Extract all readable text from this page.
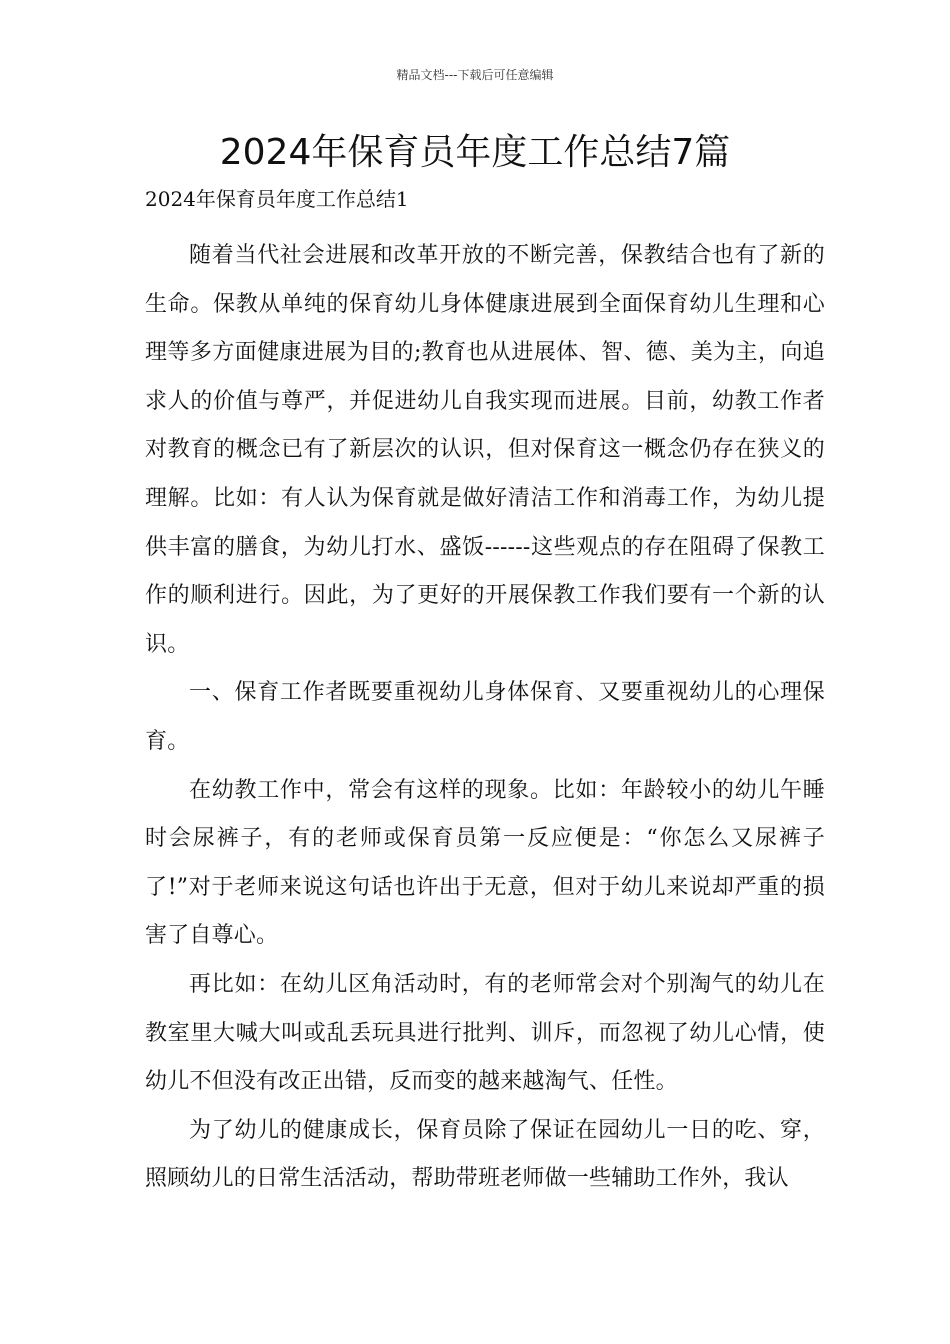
精品文档---下载后可任意编辑
2024年保育员年度工作总结7篇
2024年保育员年度工作总结1

随着当代社会进展和改革开放的不断完善，保教结合也有了新的生命。保教从单纯的保育幼儿身体健康进展到全面保育幼儿生理和心理等多方面健康进展为目的;教育也从进展体、智、德、美为主，向追求人的价值与尊严，并促进幼儿自我实现而进展。目前，幼教工作者对教育的概念已有了新层次的认识，但对保育这一概念仍存在狭义的理解。比如：有人认为保育就是做好清洁工作和消毒工作，为幼儿提供丰富的膳食，为幼儿打水、盛饭------这些观点的存在阻碍了保教工作的顺利进行。因此，为了更好的开展保教工作我们要有一个新的认识。

一、保育工作者既要重视幼儿身体保育、又要重视幼儿的心理保育。

在幼教工作中，常会有这样的现象。比如：年龄较小的幼儿午睡时会尿裤子，有的老师或保育员第一反应便是：“你怎么又尿裤子了!”对于老师来说这句话也许出于无意，但对于幼儿来说却严重的损害了自尊心。

再比如：在幼儿区角活动时，有的老师常会对个别淘气的幼儿在教室里大喊大叫或乱丢玩具进行批判、训斥，而忽视了幼儿心情，使幼儿不但没有改正出错，反而变的越来越淘气、任性。

为了幼儿的健康成长，保育员除了保证在园幼儿一日的吃、穿，照顾幼儿的日常生活活动，帮助带班老师做一些辅助工作外，我认
